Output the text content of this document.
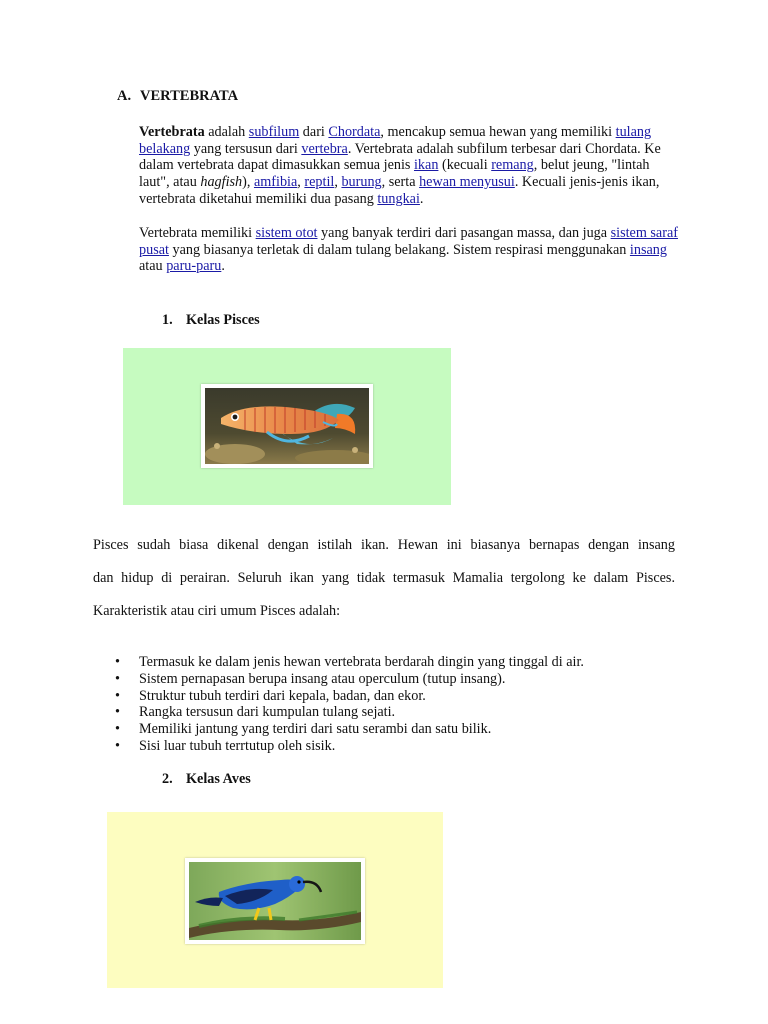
A. VERTEBRATA
Vertebrata adalah subfilum dari Chordata, mencakup semua hewan yang memiliki tulang belakang yang tersusun dari vertebra. Vertebrata adalah subfilum terbesar dari Chordata. Ke dalam vertebrata dapat dimasukkan semua jenis ikan (kecuali remang, belut jeung, "lintah laut", atau hagfish), amfibia, reptil, burung, serta hewan menyusui. Kecuali jenis-jenis ikan, vertebrata diketahui memiliki dua pasang tungkai.
Vertebrata memiliki sistem otot yang banyak terdiri dari pasangan massa, dan juga sistem saraf pusat yang biasanya terletak di dalam tulang belakang. Sistem respirasi menggunakan insang atau paru-paru.
1. Kelas Pisces
Pisces sudah biasa dikenal dengan istilah ikan. Hewan ini biasanya bernapas dengan insang
dan hidup di perairan. Seluruh ikan yang tidak termasuk Mamalia tergolong ke dalam Pisces.
Karakteristik atau ciri umum Pisces adalah:
• Termasuk ke dalam jenis hewan vertebrata berdarah dingin yang tinggal di air.
• Sistem pernapasan berupa insang atau operculum (tutup insang).
• Struktur tubuh terdiri dari kepala, badan, dan ekor.
• Rangka tersusun dari kumpulan tulang sejati.
• Memiliki jantung yang terdiri dari satu serambi dan satu bilik.
• Sisi luar tubuh terrtutup oleh sisik.
2. Kelas Aves
